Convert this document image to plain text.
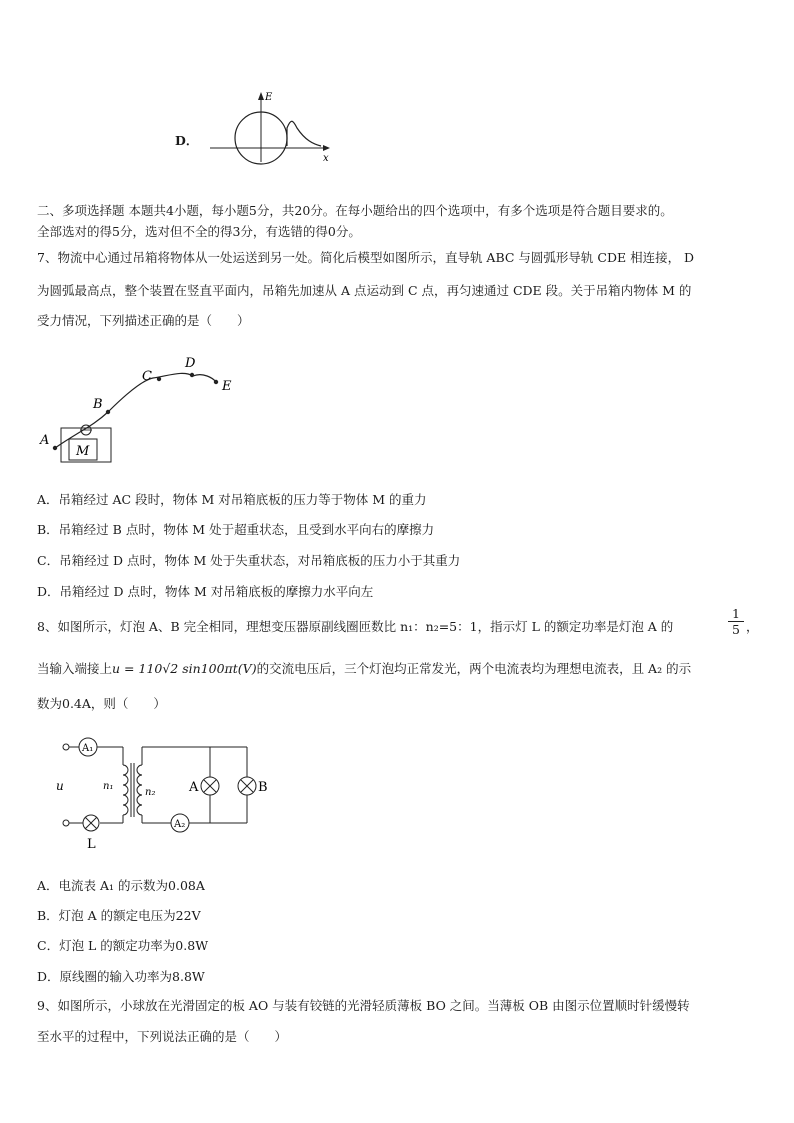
D．
E
x
二、多项选择题 本题共4小题，每小题5分，共20分。在每小题给出的四个选项中，有多个选项是符合题目要求的。
全部选对的得5分，选对但不全的得3分，有选错的得0分。
7、物流中心通过吊箱将物体从一处运送到另一处。简化后模型如图所示，直导轨 ABC 与圆弧形导轨 CDE 相连接， D
为圆弧最高点，整个装置在竖直平面内，吊箱先加速从 A 点运动到 C 点，再匀速通过 CDE 段。关于吊箱内物体 M 的
受力情况，下列描述正确的是（　　）
A
B
C
D
E
M
A．吊箱经过 AC 段时，物体 M 对吊箱底板的压力等于物体 M 的重力
B．吊箱经过 B 点时，物体 M 处于超重状态，且受到水平向右的摩擦力
C．吊箱经过 D 点时，物体 M 处于失重状态，对吊箱底板的压力小于其重力
D．吊箱经过 D 点时，物体 M 对吊箱底板的摩擦力水平向左
8、如图所示，灯泡 A、B 完全相同，理想变压器原副线圈匝数比 n₁：n₂=5：1，指示灯 L 的额定功率是灯泡 A 的	$\frac{1}{5}$ ，
当输入端接上u = 110√2 sin100πt(V)的交流电压后，三个灯泡均正常发光，两个电流表均为理想电流表，且 A₂ 的示
数为0.4A，则（　　）
A₁
A₂
u	n₁
n₂	A	B
L
A．电流表 A₁ 的示数为0.08A
B．灯泡 A 的额定电压为22V
C．灯泡 L 的额定功率为0.8W
D．原线圈的输入功率为8.8W
9、如图所示，小球放在光滑固定的板 AO 与装有铰链的光滑轻质薄板 BO 之间。当薄板 OB 由图示位置顺时针缓慢转
至水平的过程中，下列说法正确的是（　　）
